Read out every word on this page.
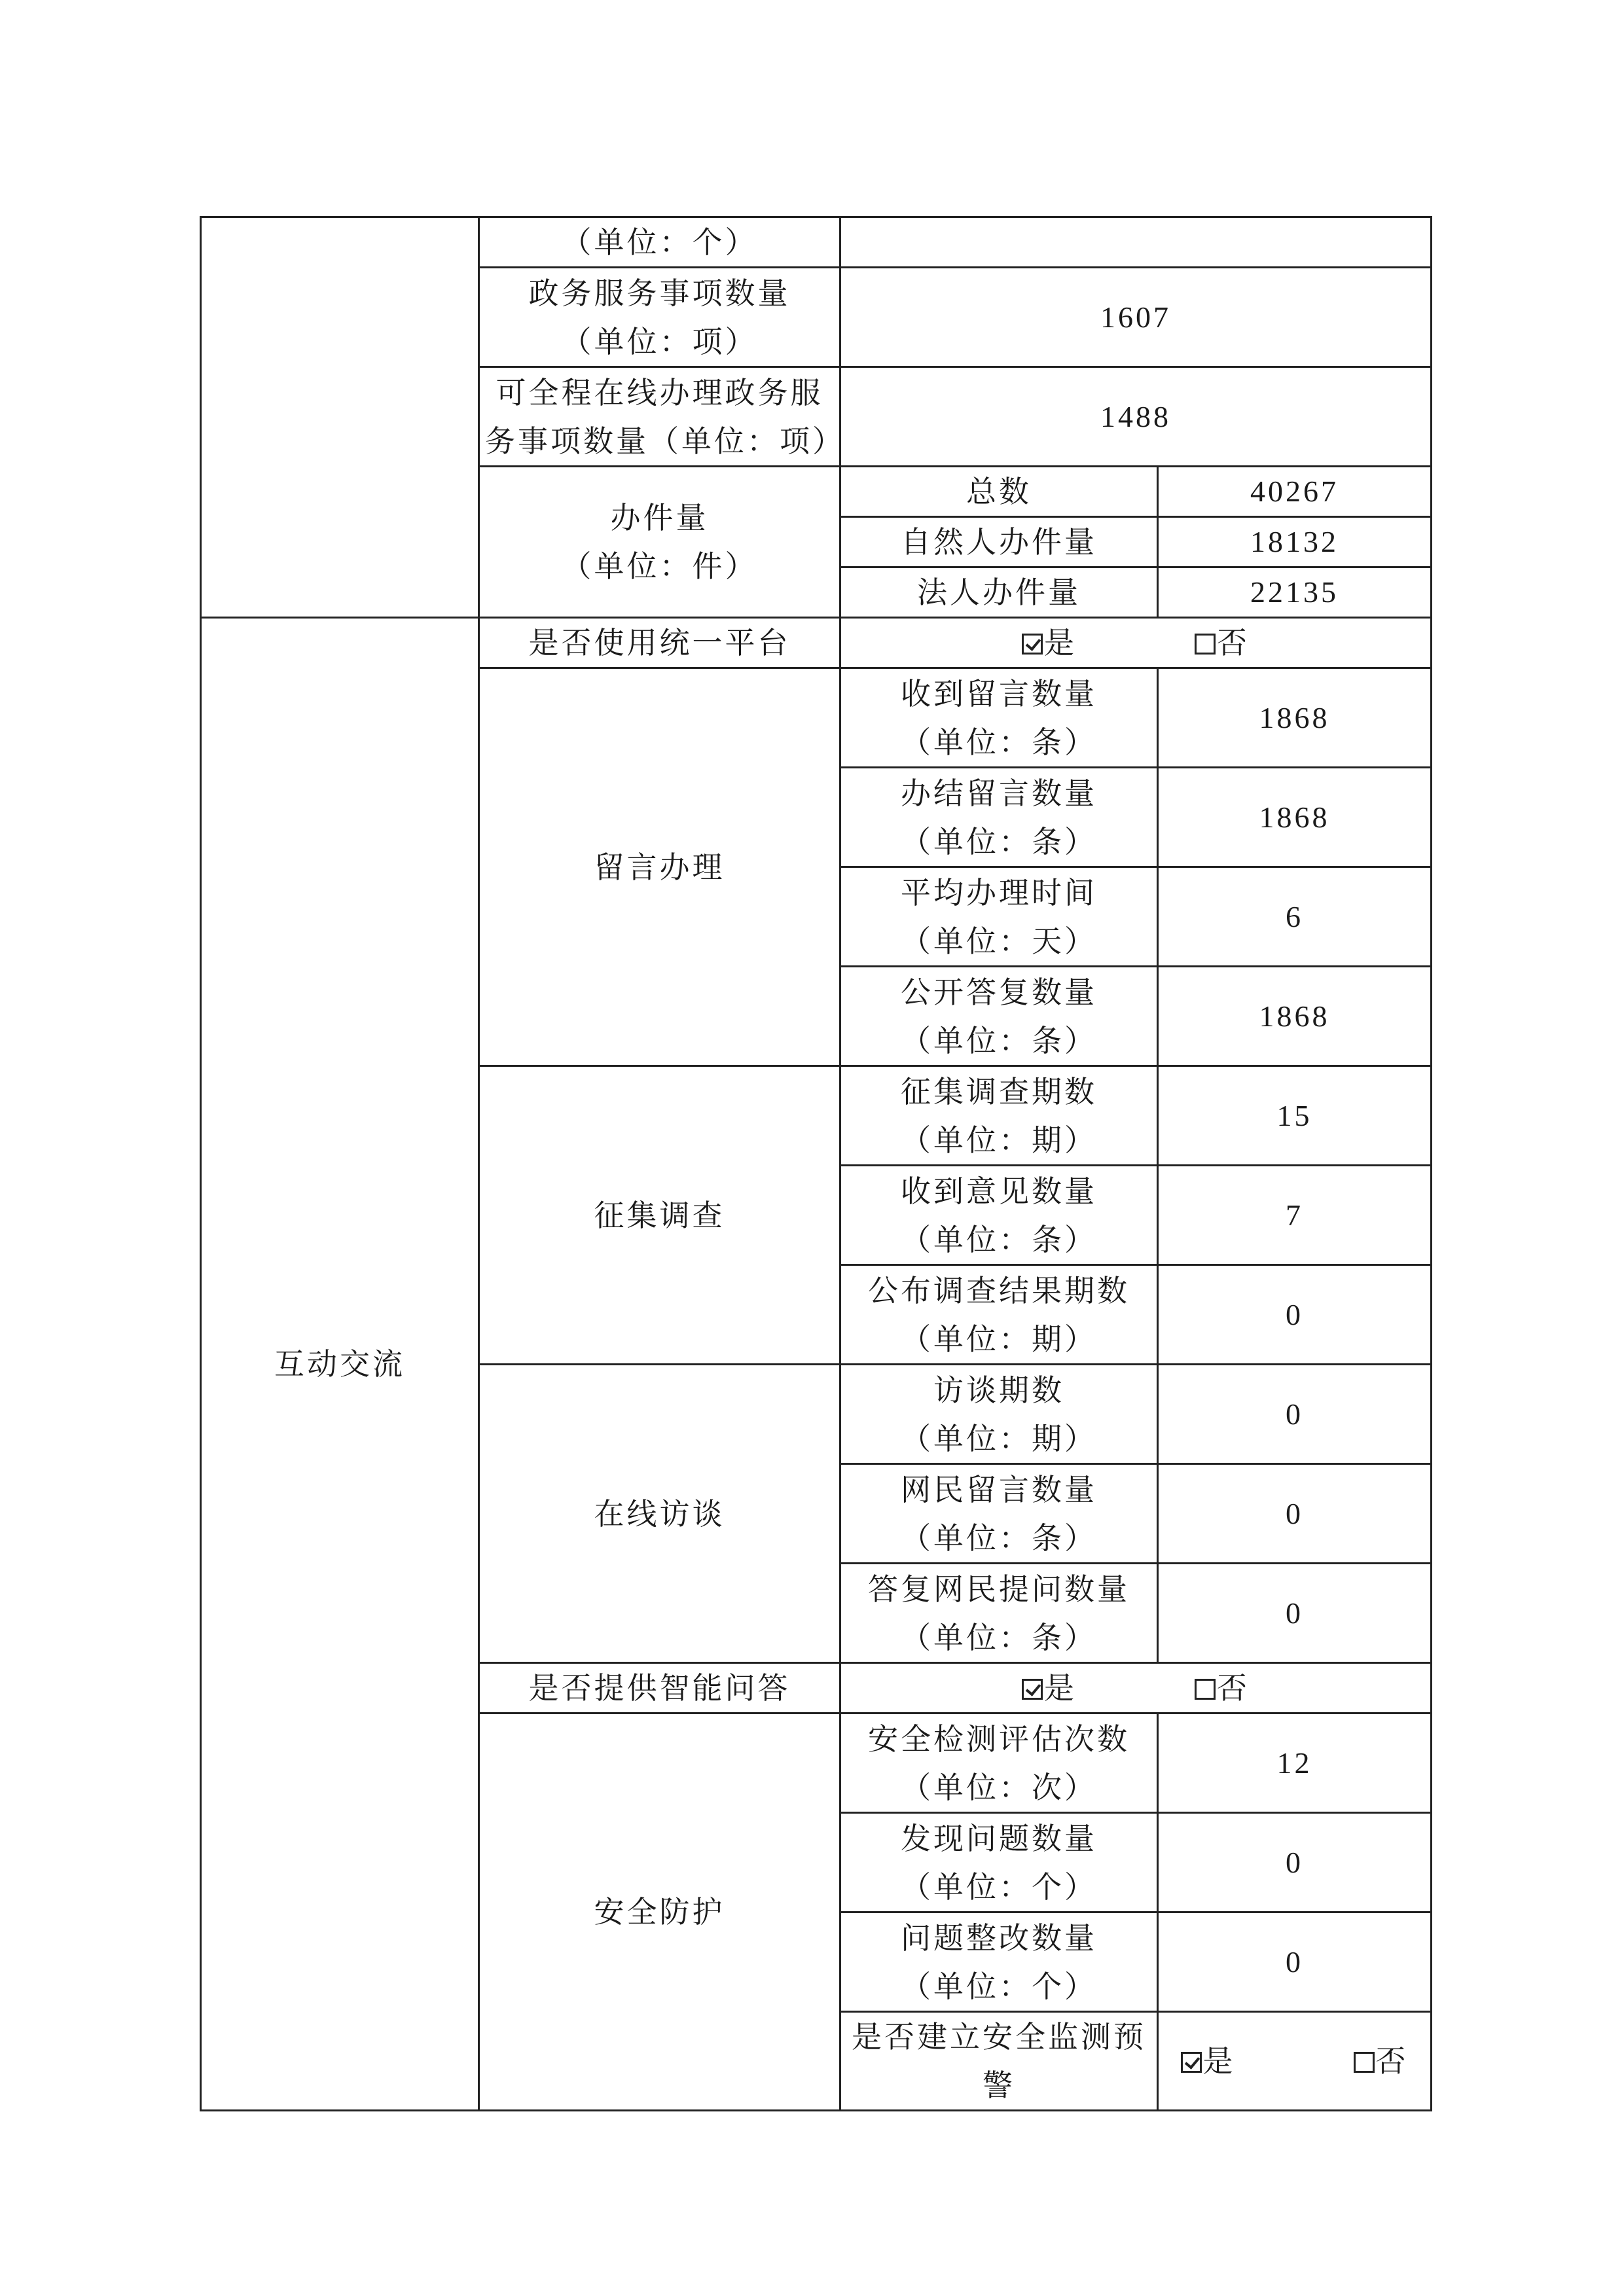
	（单位：个）		

	政务服务事项数量
（单位：项）	1607	

	可全程在线办理政务服
务事项数量（单位：项）	1488	

	办件量
（单位：件）	总数	40267
		自然人办件量	18132
		法人办件量	22135
互动交流	是否使用统一平台	是 否	
	留言办理	收到留言数量
（单位：条）	1868

		办结留言数量
（单位：条）	1868

		平均办理时间
（单位：天）	6

		公开答复数量
（单位：条）	1868
	征集调查	征集调查期数
（单位：期）	15

		收到意见数量
（单位：条）	7

		公布调查结果期数
（单位：期）	0
	在线访谈	访谈期数
（单位：期）	0

		网民留言数量
（单位：条）	0

		答复网民提问数量
（单位：条）	0
	是否提供智能问答	是 否	
	安全防护	安全检测评估次数
（单位：次）	12

		发现问题数量
（单位：个）	0

		问题整改数量
（单位：个）	0
		是否建立安全监测预警	是 否
